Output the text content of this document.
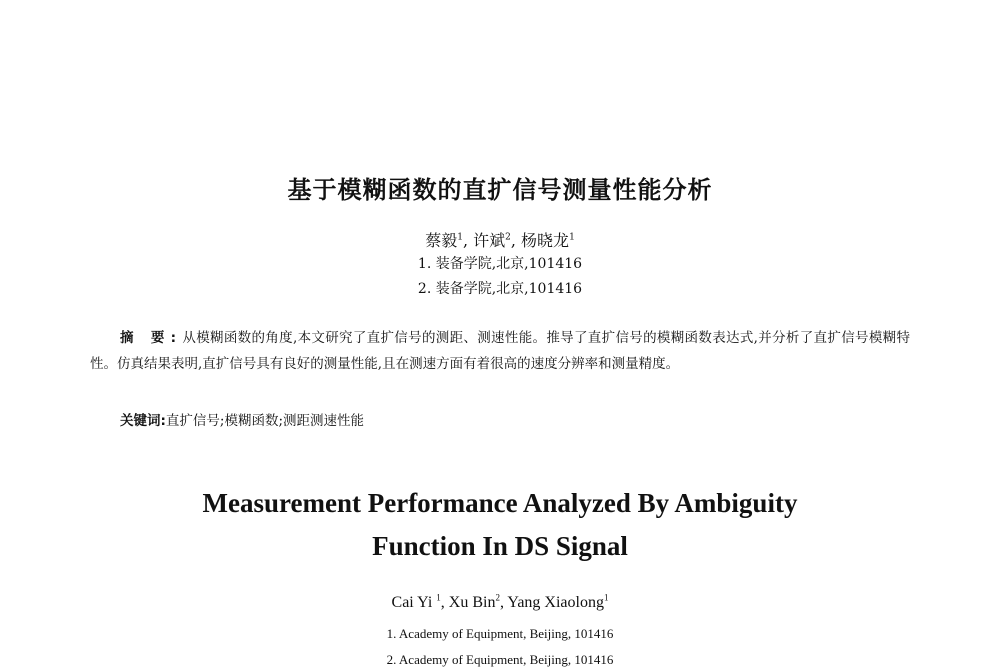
基于模糊函数的直扩信号测量性能分析
蔡毅$^1$, 许斌$^2$, 杨晓龙$^1$
1. 装备学院,北京,101416
2. 装备学院,北京,101416
摘 要:从模糊函数的角度,本文研究了直扩信号的测距、测速性能。推导了直扩信号的模糊函数表达式,并分析了直扩信号模糊特性。仿真结果表明,直扩信号具有良好的测量性能,且在测速方面有着很高的速度分辨率和测量精度。
关键词:直扩信号;模糊函数;测距测速性能
Measurement Performance Analyzed By Ambiguity
Function In DS Signal
Cai Yi $^1$, Xu Bin$^2$, Yang Xiaolong$^1$
1. Academy of Equipment, Beijing, 101416
2. Academy of Equipment, Beijing, 101416
